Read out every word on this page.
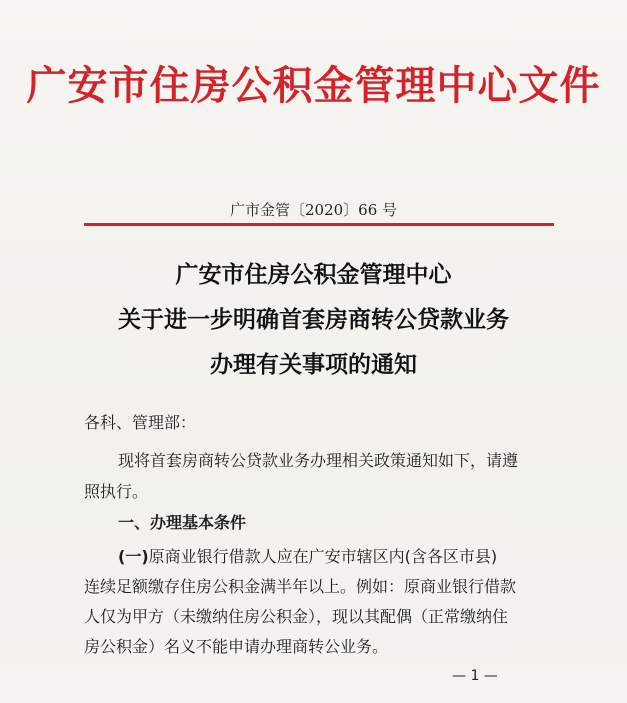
广安市住房公积金管理中心文件
广市金管〔2020〕66 号
广安市住房公积金管理中心
关于进一步明确首套房商转公贷款业务
办理有关事项的通知
各科、管理部：
现将首套房商转公贷款业务办理相关政策通知如下，请遵
照执行。
一、办理基本条件
(一)原商业银行借款人应在广安市辖区内(含各区市县)
连续足额缴存住房公积金满半年以上。例如：原商业银行借款
人仅为甲方（未缴纳住房公积金），现以其配偶（正常缴纳住
房公积金）名义不能申请办理商转公业务。
— 1 —
